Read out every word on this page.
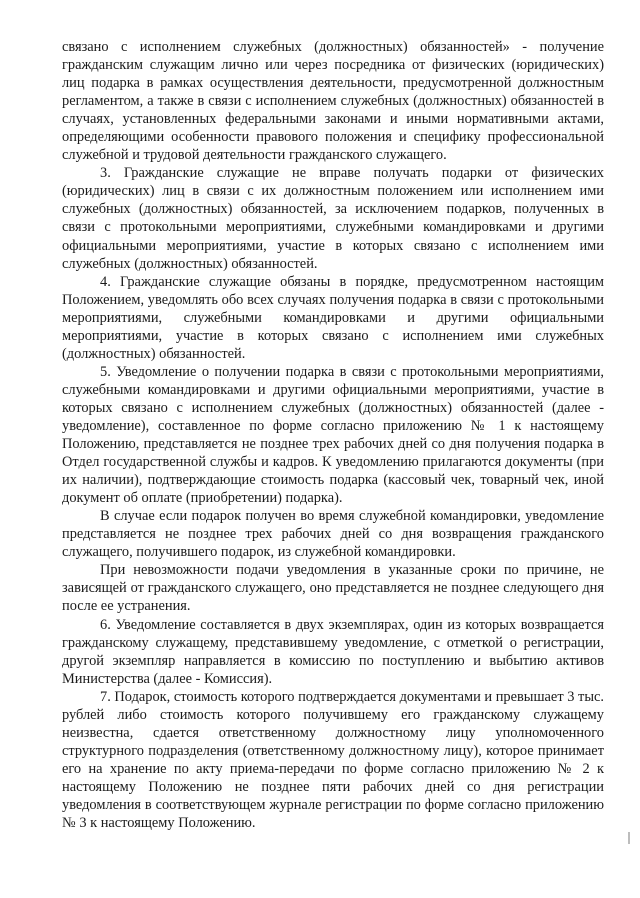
связано с исполнением служебных (должностных) обязанностей» - получение гражданским служащим лично или через посредника от физических (юридических) лиц подарка в рамках осуществления деятельности, предусмотренной должностным регламентом, а также в связи с исполнением служебных (должностных) обязанностей в случаях, установленных федеральными законами и иными нормативными актами, определяющими особенности правового положения и специфику профессиональной служебной и трудовой деятельности гражданского служащего.

3. Гражданские служащие не вправе получать подарки от физических (юридических) лиц в связи с их должностным положением или исполнением ими служебных (должностных) обязанностей, за исключением подарков, полученных в связи с протокольными мероприятиями, служебными командировками и другими официальными мероприятиями, участие в которых связано с исполнением ими служебных (должностных) обязанностей.

4. Гражданские служащие обязаны в порядке, предусмотренном настоящим Положением, уведомлять обо всех случаях получения подарка в связи с протокольными мероприятиями, служебными командировками и другими официальными мероприятиями, участие в которых связано с исполнением ими служебных (должностных) обязанностей.

5. Уведомление о получении подарка в связи с протокольными мероприятиями, служебными командировками и другими официальными мероприятиями, участие в которых связано с исполнением служебных (должностных) обязанностей (далее - уведомление), составленное по форме согласно приложению № 1 к настоящему Положению, представляется не позднее трех рабочих дней со дня получения подарка в Отдел государственной службы и кадров. К уведомлению прилагаются документы (при их наличии), подтверждающие стоимость подарка (кассовый чек, товарный чек, иной документ об оплате (приобретении) подарка).

В случае если подарок получен во время служебной командировки, уведомление представляется не позднее трех рабочих дней со дня возвращения гражданского служащего, получившего подарок, из служебной командировки.

При невозможности подачи уведомления в указанные сроки по причине, не зависящей от гражданского служащего, оно представляется не позднее следующего дня после ее устранения.

6. Уведомление составляется в двух экземплярах, один из которых возвращается гражданскому служащему, представившему уведомление, с отметкой о регистрации, другой экземпляр направляется в комиссию по поступлению и выбытию активов Министерства (далее - Комиссия).

7. Подарок, стоимость которого подтверждается документами и превышает 3 тыс. рублей либо стоимость которого получившему его гражданскому служащему неизвестна, сдается ответственному должностному лицу уполномоченного структурного подразделения (ответственному должностному лицу), которое принимает его на хранение по акту приема-передачи по форме согласно приложению № 2 к настоящему Положению не позднее пяти рабочих дней со дня регистрации уведомления в соответствующем журнале регистрации по форме согласно приложению № 3 к настоящему Положению.
